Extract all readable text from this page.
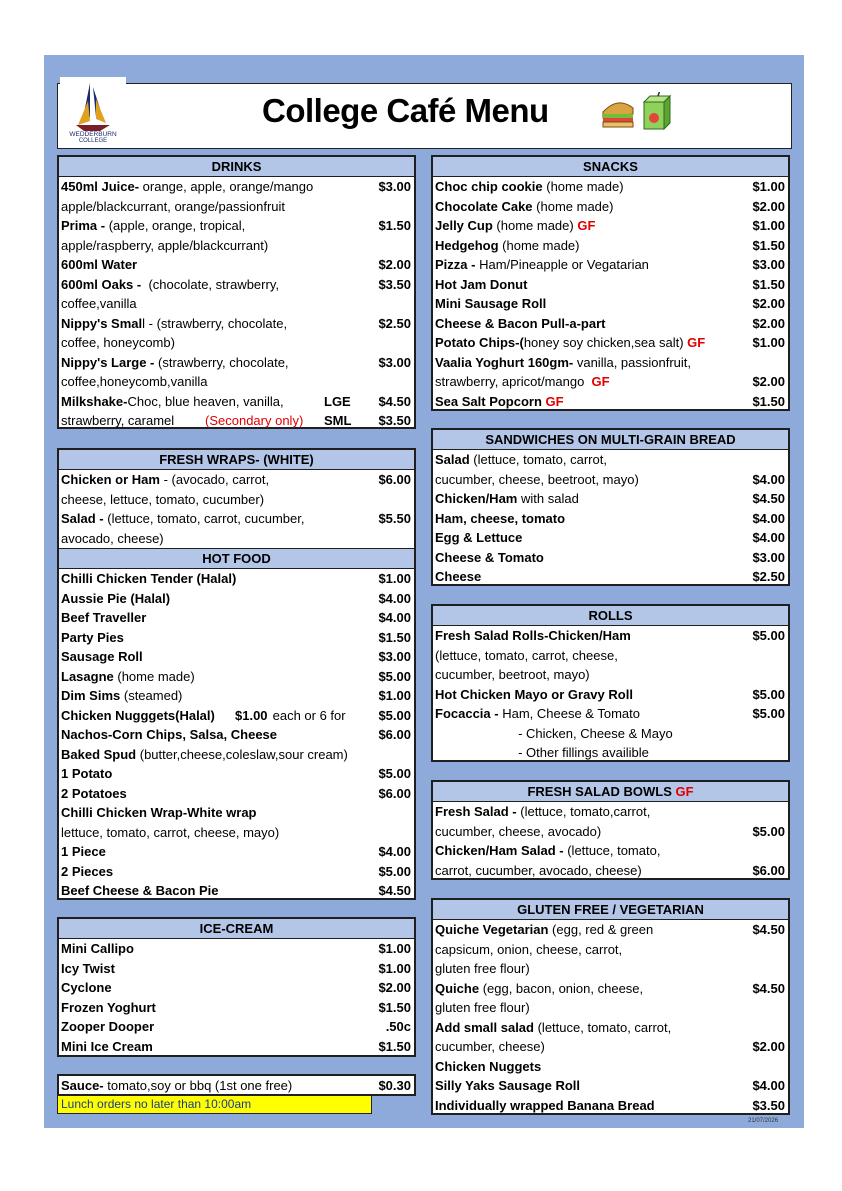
WEDDERBURN
COLLEGE
College Café Menu
DRINKS
450ml Juice- orange, apple, orange/mango	$3.00
apple/blackcurrant, orange/passionfruit
Prima - (apple, orange, tropical,	$1.50
apple/raspberry, apple/blackcurrant)
600ml Water	$2.00
600ml Oaks -  (chocolate, strawberry,	$3.50
coffee,vanilla
Nippy's Small - (strawberry, chocolate,	$2.50
coffee, honeycomb)
Nippy's Large - (strawberry, chocolate,	$3.00
coffee,honeycomb,vanilla
Milkshake-Choc, blue heaven, vanilla,	LGE $4.50
strawberry, caramel (Secondary only) SML $3.50
FRESH WRAPS- (WHITE)
Chicken or Ham - (avocado, carrot,	$6.00
cheese, lettuce, tomato, cucumber)
Salad - (lettuce, tomato, carrot, cucumber,	$5.50
avocado, cheese)
HOT FOOD
Chilli Chicken Tender (Halal)	$1.00
Aussie Pie (Halal)	$4.00
Beef Traveller	$4.00
Party Pies	$1.50
Sausage Roll	$3.00
Lasagne (home made)	$5.00
Dim Sims (steamed)	$1.00
Chicken Nugggets(Halal) $1.00 each or 6 for	$5.00
Nachos-Corn Chips, Salsa, Cheese	$6.00
Baked Spud (butter,cheese,coleslaw,sour cream)
1 Potato	$5.00
2 Potatoes	$6.00
Chilli Chicken Wrap-White wrap
lettuce, tomato, carrot, cheese, mayo)
1 Piece	$4.00
2 Pieces	$5.00
Beef Cheese & Bacon Pie	$4.50
ICE-CREAM
Mini Callipo	$1.00
Icy Twist	$1.00
Cyclone	$2.00
Frozen Yoghurt	$1.50
Zooper Dooper	.50c
Mini Ice Cream	$1.50
Sauce- tomato,soy or bbq (1st one free)	$0.30
Lunch orders no later than 10:00am
SNACKS
Choc chip cookie (home made)	$1.00
Chocolate Cake (home made)	$2.00
Jelly Cup (home made) GF	$1.00
Hedgehog (home made)	$1.50
Pizza - Ham/Pineapple or Vegatarian	$3.00
Hot Jam Donut	$1.50
Mini Sausage Roll	$2.00
Cheese & Bacon Pull-a-part	$2.00
Potato Chips-(honey soy chicken,sea salt) GF	$1.00
Vaalia Yoghurt 160gm- vanilla, passionfruit,
strawberry, apricot/mango  GF	$2.00
Sea Salt Popcorn GF	$1.50
SANDWICHES ON MULTI-GRAIN BREAD
Salad (lettuce, tomato, carrot,
cucumber, cheese, beetroot, mayo)	$4.00
Chicken/Ham with salad	$4.50
Ham, cheese, tomato	$4.00
Egg & Lettuce	$4.00
Cheese & Tomato	$3.00
Cheese	$2.50
ROLLS
Fresh Salad Rolls-Chicken/Ham	$5.00
(lettuce, tomato, carrot, cheese,
cucumber, beetroot, mayo)
Hot Chicken Mayo or Gravy Roll	$5.00
Focaccia - Ham, Cheese & Tomato	$5.00
- Chicken, Cheese & Mayo
- Other fillings availible
FRESH SALAD BOWLS GF
Fresh Salad - (lettuce, tomato,carrot,
cucumber, cheese, avocado)	$5.00
Chicken/Ham Salad - (lettuce, tomato,
carrot, cucumber, avocado, cheese)	$6.00
GLUTEN FREE / VEGETARIAN
Quiche Vegetarian (egg, red & green	$4.50
capsicum, onion, cheese, carrot,
gluten free flour)
Quiche (egg, bacon, onion, cheese,	$4.50
gluten free flour)
Add small salad (lettuce, tomato, carrot,
cucumber, cheese)	$2.00
Chicken Nuggets
Silly Yaks Sausage Roll	$4.00
Individually wrapped Banana Bread	$3.50
21/07/2026
